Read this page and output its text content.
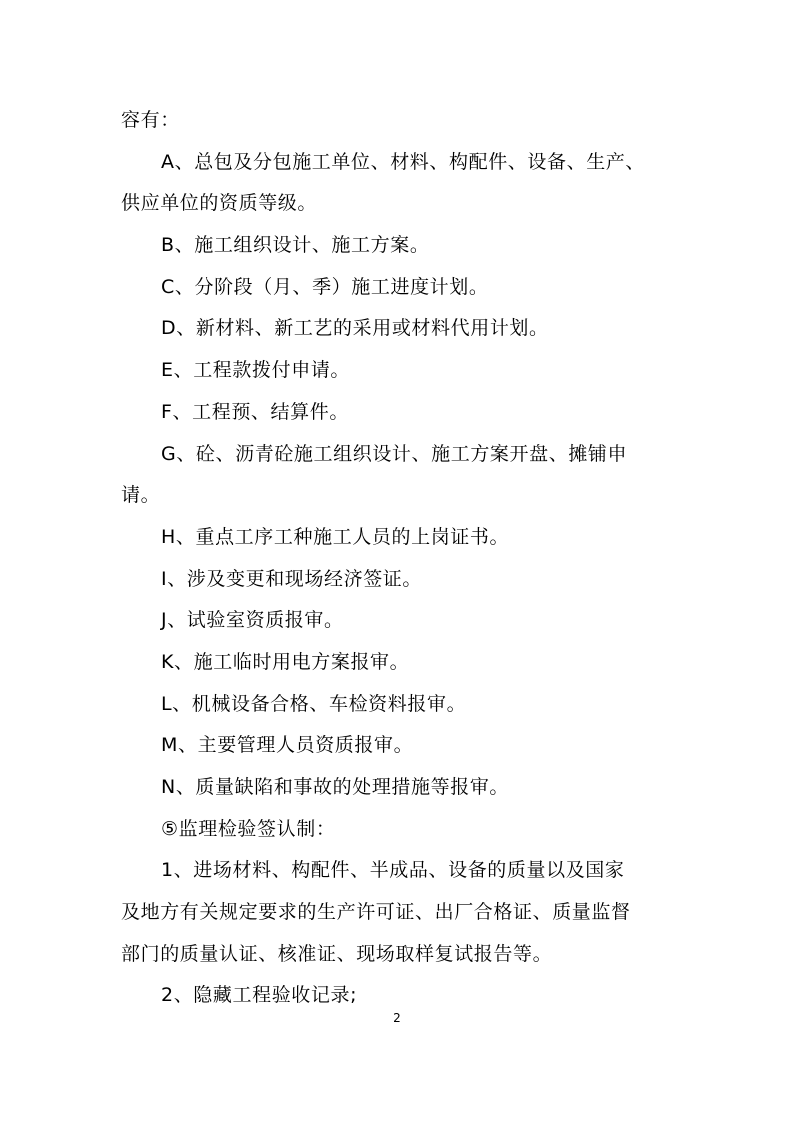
容有：
A、总包及分包施工单位、材料、构配件、设备、生产、
供应单位的资质等级。
B、施工组织设计、施工方案。
C、分阶段（月、季）施工进度计划。
D、新材料、新工艺的采用或材料代用计划。
E、工程款拨付申请。
F、工程预、结算件。
G、砼、沥青砼施工组织设计、施工方案开盘、摊铺申
请。
H、重点工序工种施工人员的上岗证书。
I、涉及变更和现场经济签证。
J、试验室资质报审。
K、施工临时用电方案报审。
L、机械设备合格、车检资料报审。
M、主要管理人员资质报审。
N、质量缺陷和事故的处理措施等报审。
⑤监理检验签认制：
1、进场材料、构配件、半成品、设备的质量以及国家
及地方有关规定要求的生产许可证、出厂合格证、质量监督
部门的质量认证、核准证、现场取样复试报告等。
2、隐藏工程验收记录;
2
